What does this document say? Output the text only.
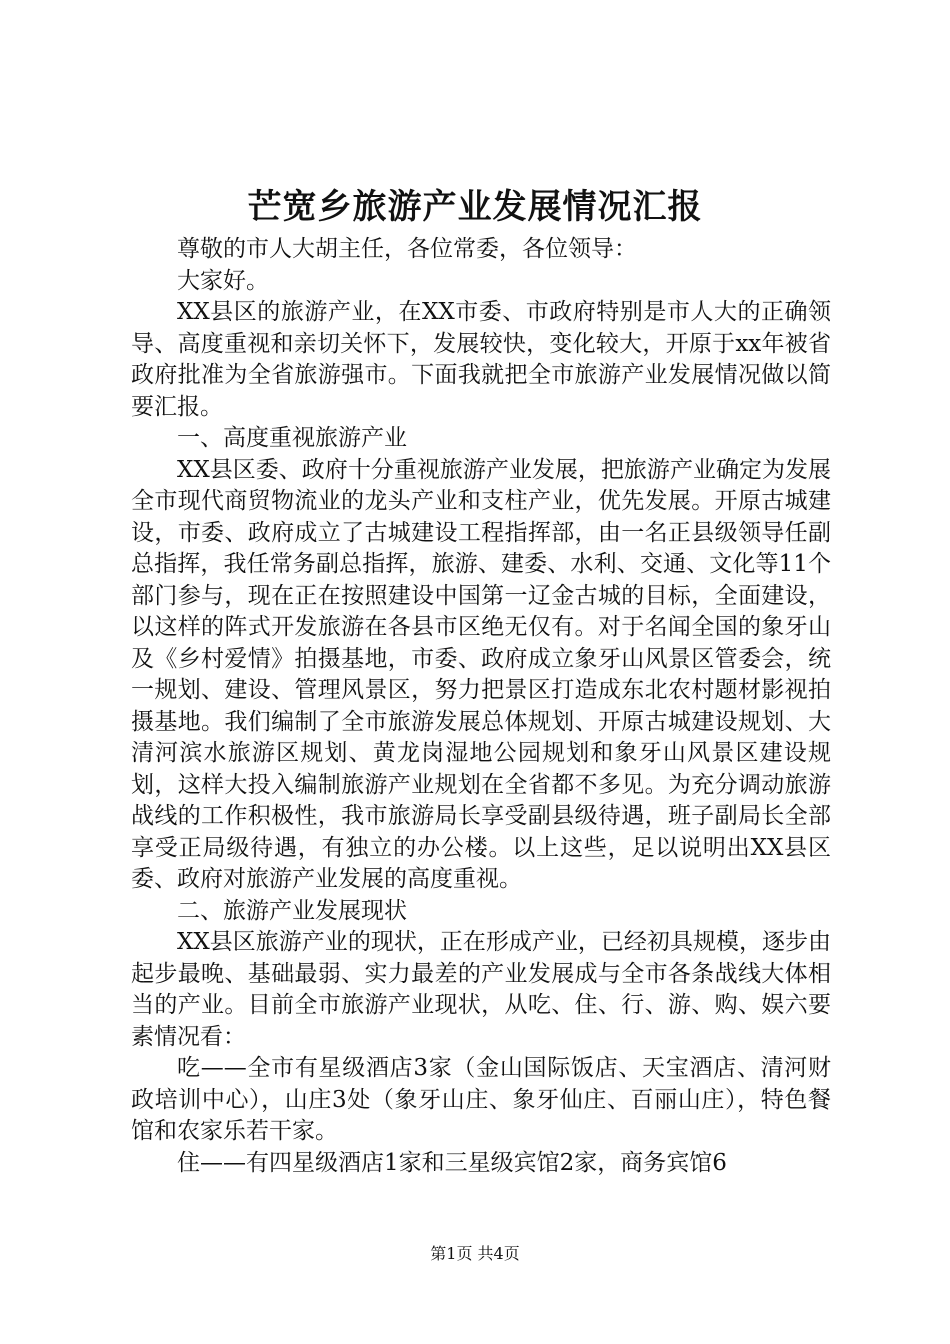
芒宽乡旅游产业发展情况汇报

尊敬的市人大胡主任，各位常委，各位领导：

大家好。

XX县区的旅游产业，在XX市委、市政府特别是市人大的正确领导、高度重视和亲切关怀下，发展较快，变化较大，开原于xx年被省政府批准为全省旅游强市。下面我就把全市旅游产业发展情况做以简要汇报。

一、高度重视旅游产业

XX县区委、政府十分重视旅游产业发展，把旅游产业确定为发展全市现代商贸物流业的龙头产业和支柱产业，优先发展。开原古城建设，市委、政府成立了古城建设工程指挥部，由一名正县级领导任副总指挥，我任常务副总指挥，旅游、建委、水利、交通、文化等11个部门参与，现在正在按照建设中国第一辽金古城的目标，全面建设，以这样的阵式开发旅游在各县市区绝无仅有。对于名闻全国的象牙山及《乡村爱情》拍摄基地，市委、政府成立象牙山风景区管委会，统一规划、建设、管理风景区，努力把景区打造成东北农村题材影视拍摄基地。我们编制了全市旅游发展总体规划、开原古城建设规划、大清河滨水旅游区规划、黄龙岗湿地公园规划和象牙山风景区建设规划，这样大投入编制旅游产业规划在全省都不多见。为充分调动旅游战线的工作积极性，我市旅游局长享受副县级待遇，班子副局长全部享受正局级待遇，有独立的办公楼。以上这些，足以说明出XX县区委、政府对旅游产业发展的高度重视。

二、旅游产业发展现状

XX县区旅游产业的现状，正在形成产业，已经初具规模，逐步由起步最晚、基础最弱、实力最差的产业发展成与全市各条战线大体相当的产业。目前全市旅游产业现状，从吃、住、行、游、购、娱六要素情况看：

吃——全市有星级酒店3家（金山国际饭店、天宝酒店、清河财政培训中心），山庄3处（象牙山庄、象牙仙庄、百丽山庄），特色餐馆和农家乐若干家。

住——有四星级酒店1家和三星级宾馆2家，商务宾馆6

第1页 共4页
